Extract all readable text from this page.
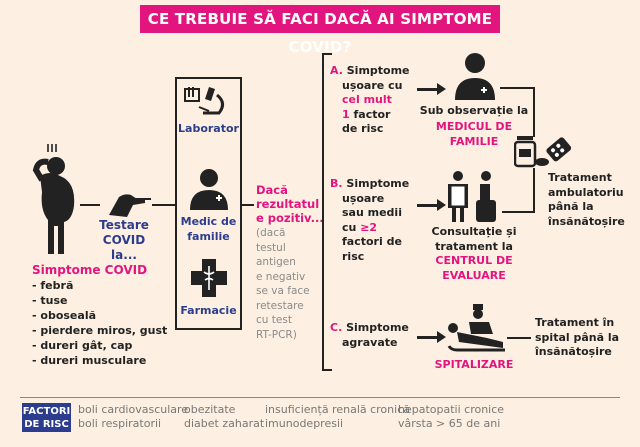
CE TREBUIE SĂ FACI DACĂ AI SIMPTOME COVID?
Testare
COVID la...
Simptome COVID
- febră
- tuse
- oboseală
- pierdere miros, gust
- dureri gât, cap
- dureri musculare
Laborator
Medic de familie
Farmacie
Dacă
rezultatul
e pozitiv...
(dacă
testul
antigen
e negativ
se va face
retestare
cu test
RT-PCR)
A. Simptome
ușoare cu
cel mult
1 factor
de risc
Sub observație la
MEDICUL DE
FAMILIE
B. Simptome
ușoare
sau medii
cu ≥2
factori de
risc
Consultație și
tratament la
CENTRUL DE
EVALUARE
Tratament
ambulatoriu
până la
însănătoșire
C. Simptome
agravate
SPITALIZARE
Tratament în
spital până la
însănătoșire
FACTORI
DE RISC
boli cardiovasculare
boli respiratorii
obezitate
diabet zaharat
insuficiență renală cronică
imunodepresii
hepatopatii cronice
vârsta > 65 de ani
